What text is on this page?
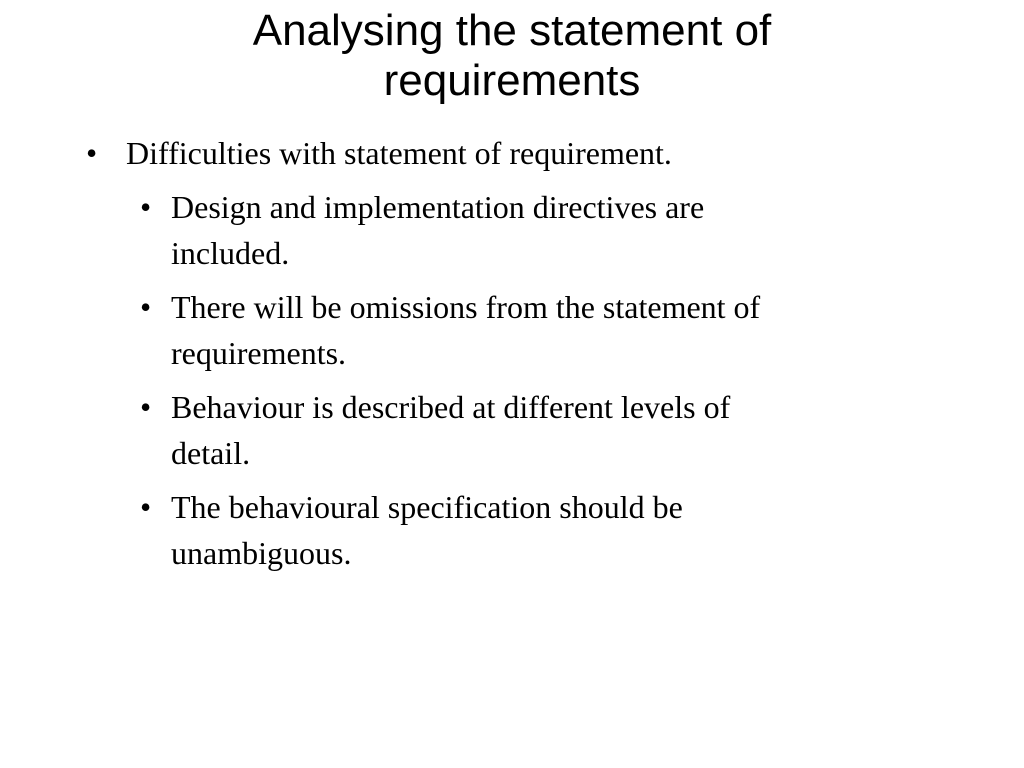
Analysing the statement of
requirements
• Difficulties with statement of requirement.
• Design and implementation directives are
included.
• There will be omissions from the statement of
requirements.
• Behaviour is described at different levels of
detail.
• The behavioural specification should be
unambiguous.
